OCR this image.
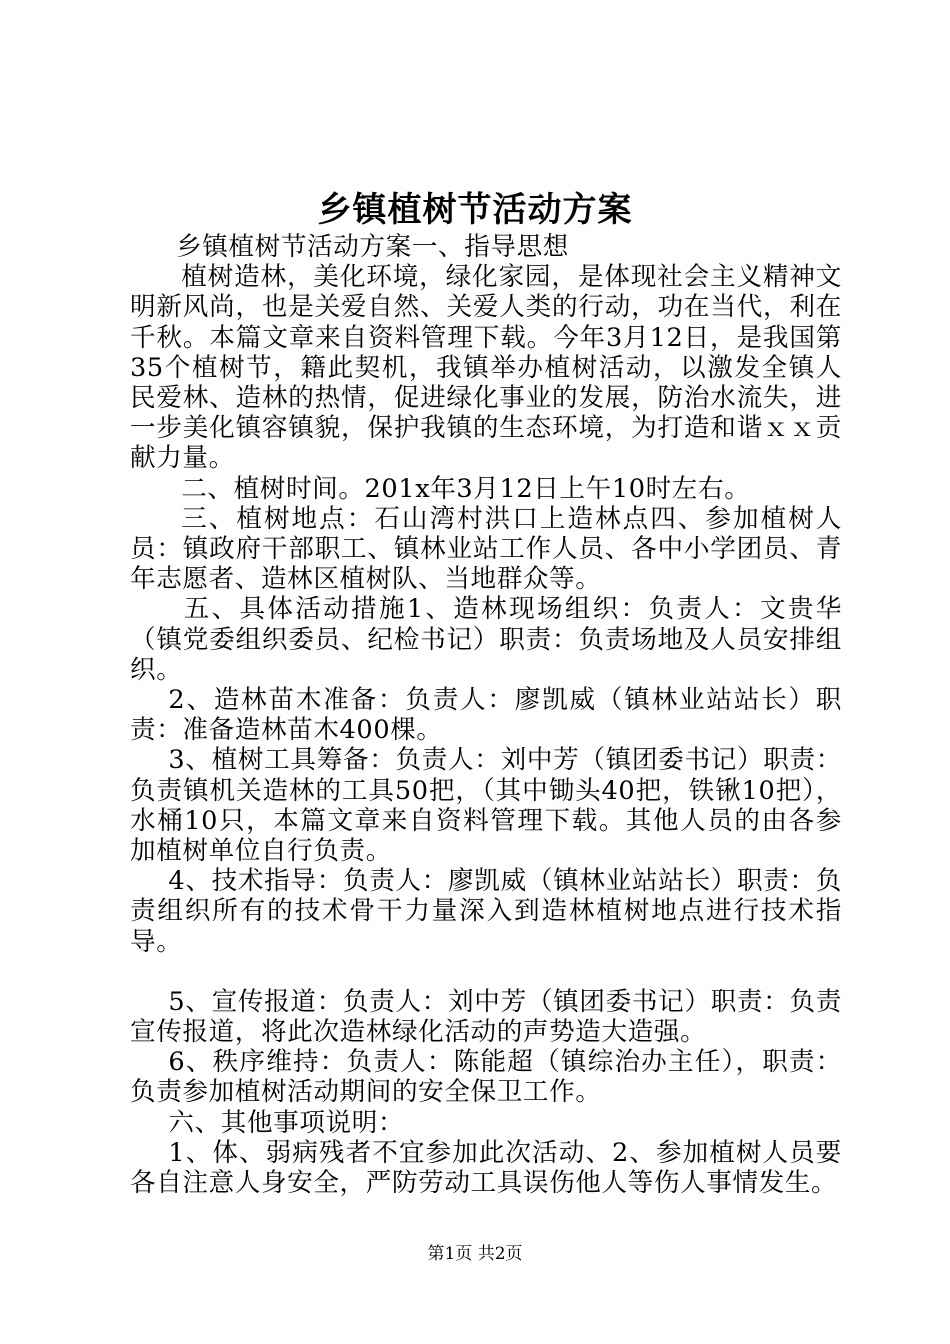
乡镇植树节活动方案

乡镇植树节活动方案一、指导思想

植树造林，美化环境，绿化家园，是体现社会主义精神文明新风尚，也是关爱自然、关爱人类的行动，功在当代，利在千秋。本篇文章来自资料管理下载。今年3月12日，是我国第35个植树节，籍此契机，我镇举办植树活动，以激发全镇人民爱林、造林的热情，促进绿化事业的发展，防治水流失，进一步美化镇容镇貌，保护我镇的生态环境，为打造和谐ｘｘ贡献力量。

二、植树时间。201x年3月12日上午10时左右。

三、植树地点：石山湾村洪口上造林点四、参加植树人员：镇政府干部职工、镇林业站工作人员、各中小学团员、青年志愿者、造林区植树队、当地群众等。

五、具体活动措施1、造林现场组织：负责人：文贵华（镇党委组织委员、纪检书记）职责：负责场地及人员安排组织。

2、造林苗木准备：负责人：廖凯威（镇林业站站长）职责：准备造林苗木400棵。

3、植树工具筹备：负责人：刘中芳（镇团委书记）职责：负责镇机关造林的工具50把，（其中锄头40把，铁锹10把），水桶10只，本篇文章来自资料管理下载。其他人员的由各参加植树单位自行负责。

4、技术指导：负责人：廖凯威（镇林业站站长）职责：负责组织所有的技术骨干力量深入到造林植树地点进行技术指导。

5、宣传报道：负责人：刘中芳（镇团委书记）职责：负责宣传报道，将此次造林绿化活动的声势造大造强。

6、秩序维持：负责人：陈能超（镇综治办主任），职责：负责参加植树活动期间的安全保卫工作。

六、其他事项说明：

1、体、弱病残者不宜参加此次活动、2、参加植树人员要各自注意人身安全，严防劳动工具误伤他人等伤人事情发生。

第1页 共2页
